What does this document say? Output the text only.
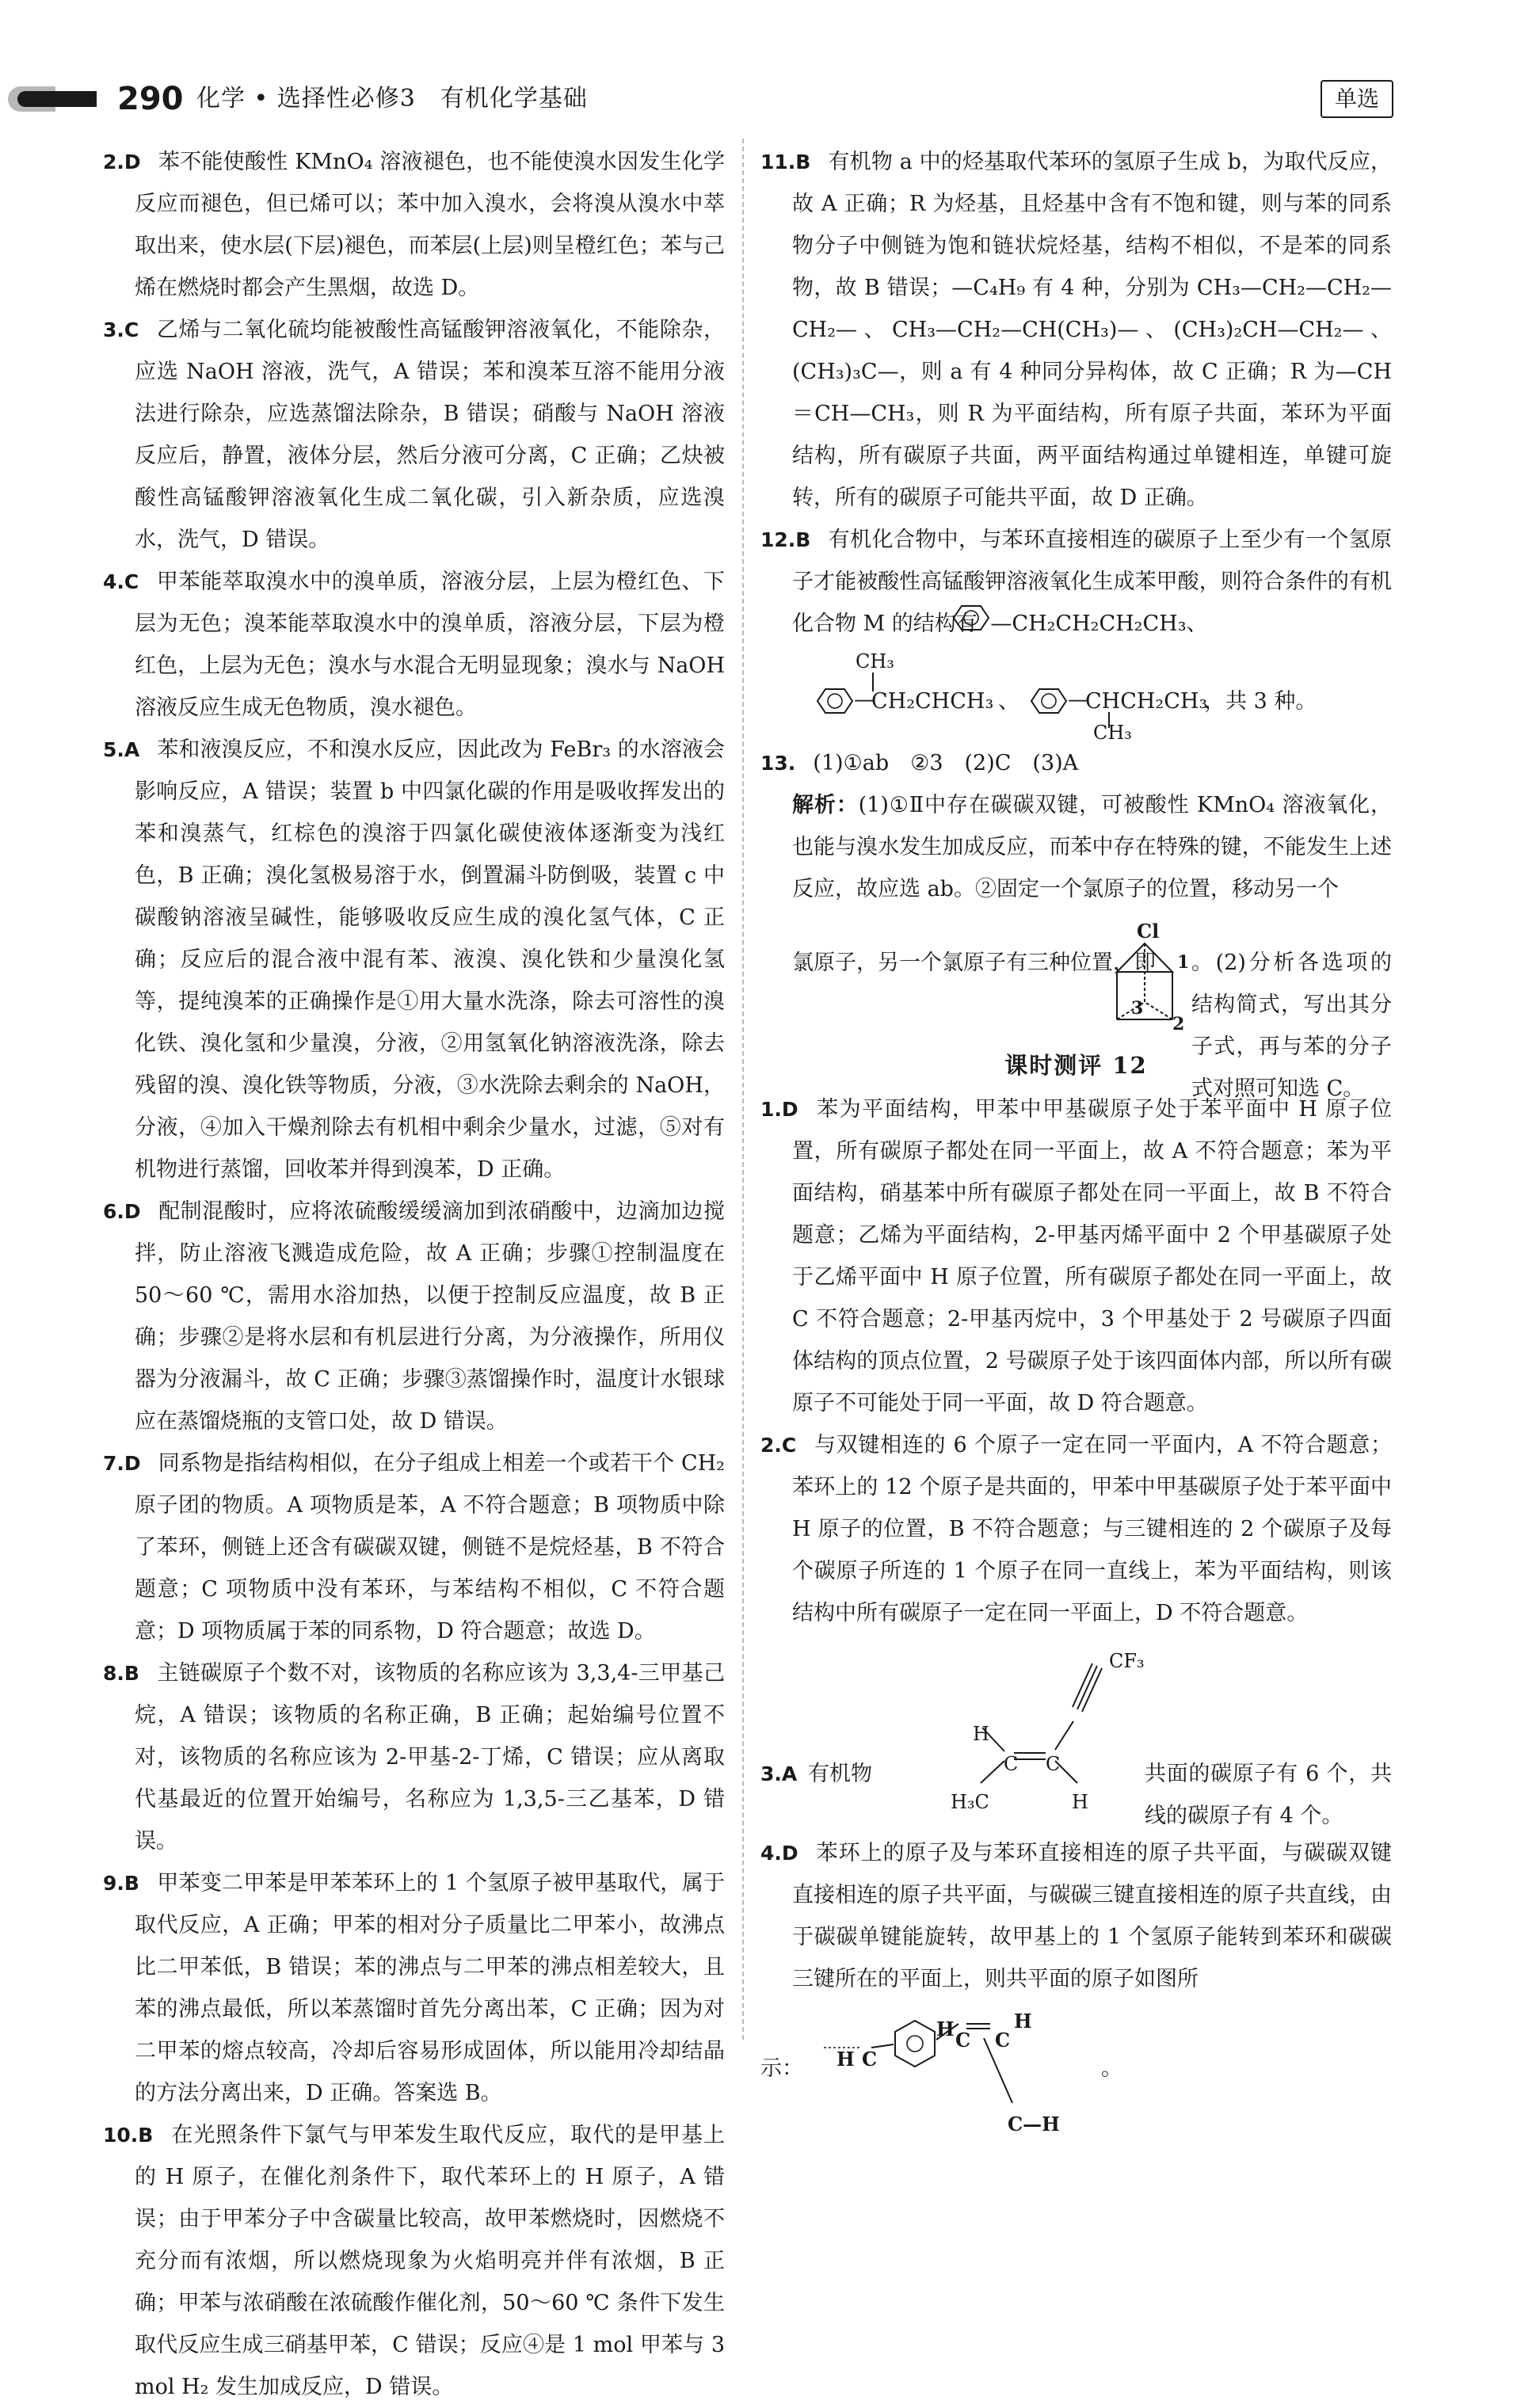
290 化学 • 选择性必修3　有机化学基础	单选

2.D 苯不能使酸性 KMnO₄ 溶液褪色，也不能使溴水因发生化学反应而褪色，但已烯可以；苯中加入溴水，会将溴从溴水中萃取出来，使水层(下层)褪色，而苯层(上层)则呈橙红色；苯与己烯在燃烧时都会产生黑烟，故选 D。

3.C 乙烯与二氧化硫均能被酸性高锰酸钾溶液氧化，不能除杂，应选 NaOH 溶液，洗气，A 错误；苯和溴苯互溶不能用分液法进行除杂，应选蒸馏法除杂，B 错误；硝酸与 NaOH 溶液反应后，静置，液体分层，然后分液可分离，C 正确；乙炔被酸性高锰酸钾溶液氧化生成二氧化碳，引入新杂质，应选溴水，洗气，D 错误。

4.C 甲苯能萃取溴水中的溴单质，溶液分层，上层为橙红色、下层为无色；溴苯能萃取溴水中的溴单质，溶液分层，下层为橙红色，上层为无色；溴水与水混合无明显现象；溴水与 NaOH 溶液反应生成无色物质，溴水褪色。

5.A 苯和液溴反应，不和溴水反应，因此改为 FeBr₃ 的水溶液会影响反应，A 错误；装置 b 中四氯化碳的作用是吸收挥发出的苯和溴蒸气，红棕色的溴溶于四氯化碳使液体逐渐变为浅红色，B 正确；溴化氢极易溶于水，倒置漏斗防倒吸，装置 c 中碳酸钠溶液呈碱性，能够吸收反应生成的溴化氢气体，C 正确；反应后的混合液中混有苯、液溴、溴化铁和少量溴化氢等，提纯溴苯的正确操作是①用大量水洗涤，除去可溶性的溴化铁、溴化氢和少量溴，分液，②用氢氧化钠溶液洗涤，除去残留的溴、溴化铁等物质，分液，③水洗除去剩余的 NaOH，分液，④加入干燥剂除去有机相中剩余少量水，过滤，⑤对有机物进行蒸馏，回收苯并得到溴苯，D 正确。

6.D 配制混酸时，应将浓硫酸缓缓滴加到浓硝酸中，边滴加边搅拌，防止溶液飞溅造成危险，故 A 正确；步骤①控制温度在 50～60 ℃，需用水浴加热，以便于控制反应温度，故 B 正确；步骤②是将水层和有机层进行分离，为分液操作，所用仪器为分液漏斗，故 C 正确；步骤③蒸馏操作时，温度计水银球应在蒸馏烧瓶的支管口处，故 D 错误。

7.D 同系物是指结构相似，在分子组成上相差一个或若干个 CH₂ 原子团的物质。A 项物质是苯，A 不符合题意；B 项物质中除了苯环，侧链上还含有碳碳双键，侧链不是烷烃基，B 不符合题意；C 项物质中没有苯环，与苯结构不相似，C 不符合题意；D 项物质属于苯的同系物，D 符合题意；故选 D。

8.B 主链碳原子个数不对，该物质的名称应该为 3,3,4-三甲基己烷，A 错误；该物质的名称正确，B 正确；起始编号位置不对，该物质的名称应该为 2-甲基-2-丁烯，C 错误；应从离取代基最近的位置开始编号，名称应为 1,3,5-三乙基苯，D 错误。

9.B 甲苯变二甲苯是甲苯苯环上的 1 个氢原子被甲基取代，属于取代反应，A 正确；甲苯的相对分子质量比二甲苯小，故沸点比二甲苯低，B 错误；苯的沸点与二甲苯的沸点相差较大，且苯的沸点最低，所以苯蒸馏时首先分离出苯，C 正确；因为对二甲苯的熔点较高，冷却后容易形成固体，所以能用冷却结晶的方法分离出来，D 正确。答案选 B。

10.B 在光照条件下氯气与甲苯发生取代反应，取代的是甲基上的 H 原子，在催化剂条件下，取代苯环上的 H 原子，A 错误；由于甲苯分子中含碳量比较高，故甲苯燃烧时，因燃烧不充分而有浓烟，所以燃烧现象为火焰明亮并伴有浓烟，B 正确；甲苯与浓硝酸在浓硫酸作催化剂，50～60 ℃ 条件下发生取代反应生成三硝基甲苯，C 错误；反应④是 1 mol 甲苯与 3 mol H₂ 发生加成反应，D 错误。

11.B 有机物 a 中的烃基取代苯环的氢原子生成 b，为取代反应，故 A 正确；R 为烃基，且烃基中含有不饱和键，则与苯的同系物分子中侧链为饱和链状烷烃基，结构不相似，不是苯的同系物，故 B 错误；—C₄H₉ 有 4 种，分别为 CH₃—CH₂—CH₂—CH₂—、CH₃—CH₂—CH(CH₃)—、(CH₃)₂CH—CH₂—、(CH₃)₃C—，则 a 有 4 种同分异构体，故 C 正确；R 为—CH＝CH—CH₃，则 R 为平面结构，所有原子共面，苯环为平面结构，所有碳原子共面，两平面结构通过单键相连，单键可旋转，所有的碳原子可能共平面，故 D 正确。

12.B 有机化合物中，与苯环直接相连的碳原子上至少有一个氢原子才能被酸性高锰酸钾溶液氧化生成苯甲酸，则符合条件的有机化合物 M 的结构有 —CH₂CH₂CH₂CH₃、

CH₃
—
CH₂CHCH₃ 、 —
CHCH₂CH₃
，共 3 种。
CH₃

13. (1)①ab　②3　(2)C　(3)A

解析：(1)①Ⅱ中存在碳碳双键，可被酸性 KMnO₄ 溶液氧化，也能与溴水发生加成反应，而苯中存在特殊的键，不能发生上述反应，故应选 ab。②固定一个氯原子的位置，移动另一个

Cl
氯原子，另一个氯原子有三种位置，即
3
1 。(2)分析各选项的结构简式，写出其分子式，再与苯的分子式对照可知选 C。
2
课时测评 12

1.D 苯为平面结构，甲苯中甲基碳原子处于苯平面中 H 原子位置，所有碳原子都处在同一平面上，故 A 不符合题意；苯为平面结构，硝基苯中所有碳原子都处在同一平面上，故 B 不符合题意；乙烯为平面结构，2-甲基丙烯平面中 2 个甲基碳原子处于乙烯平面中 H 原子位置，所有碳原子都处在同一平面上，故 C 不符合题意；2-甲基丙烷中，3 个甲基处于 2 号碳原子四面体结构的顶点位置，2 号碳原子处于该四面体内部，所以所有碳原子不可能处于同一平面，故 D 符合题意。

2.C 与双键相连的 6 个原子一定在同一平面内，A 不符合题意；苯环上的 12 个原子是共面的，甲苯中甲基碳原子处于苯平面中 H 原子的位置，B 不符合题意；与三键相连的 2 个碳原子及每个碳原子所连的 1 个原子在同一直线上，苯为平面结构，则该结构中所有碳原子一定在同一平面上，D 不符合题意。

3.A 有机物
CF₃
H
C C
H₃C	H
共面的碳原子有 6 个，共线的碳原子有 4 个。

4.D 苯环上的原子及与苯环直接相连的原子共平面，与碳碳双键直接相连的原子共平面，与碳碳三键直接相连的原子共直线，由于碳碳单键能旋转，故甲基上的 1 个氢原子能转到苯环和碳碳三键所在的平面上，则共平面的原子如图所

示： H C
H C C
H
C—H
。
